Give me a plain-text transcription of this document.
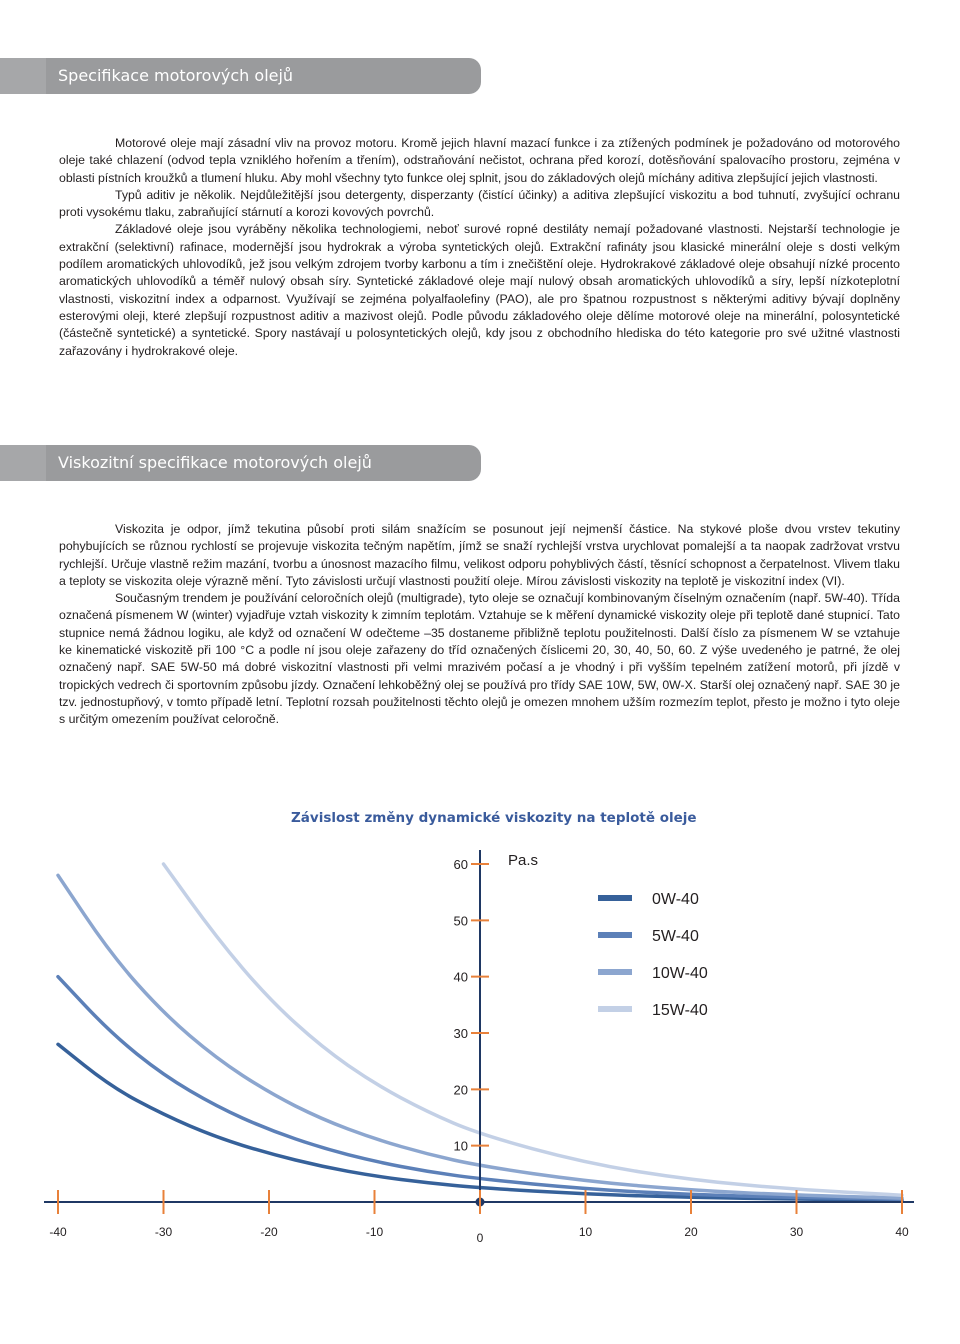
Specifikace motorových olejů

Motorové oleje mají zásadní vliv na provoz motoru. Kromě jejich hlavní mazací funkce i za ztížených podmínek je požadováno od motorového oleje také chlazení (odvod tepla vzniklého hořením a třením), odstraňování nečistot, ochrana před korozí, dotěsňování spalovacího prostoru, zejména v oblasti pístních kroužků a tlumení hluku. Aby mohl všechny tyto funkce olej splnit, jsou do základových olejů míchány aditiva zlepšující jejich vlastnosti.

Typů aditiv je několik. Nejdůležitější jsou detergenty, disperzanty (čistící účinky) a aditiva zlepšující viskozitu a bod tuhnutí, zvyšující ochranu proti vysokému tlaku, zabraňující stárnutí a korozi kovových povrchů.

Základové oleje jsou vyráběny několika technologiemi, neboť surové ropné destiláty nemají požadované vlastnosti. Nejstarší technologie je extrakční (selektivní) rafinace, modernější jsou hydrokrak a výroba syntetických olejů. Extrakční rafináty jsou klasické minerální oleje s dosti velkým podílem aromatických uhlovodíků, jež jsou velkým zdrojem tvorby karbonu a tím i znečištění oleje. Hydrokrakové základové oleje obsahují nízké procento aromatických uhlovodíků a téměř nulový obsah síry. Syntetické základové oleje mají nulový obsah aromatických uhlovodíků a síry, lepší nízkoteplotní vlastnosti, viskozitní index a odparnost. Využívají se zejména polyalfaolefiny (PAO), ale pro špatnou rozpustnost s některými aditivy bývají doplněny esterovými oleji, které zlepšují rozpustnost aditiv a mazivost olejů. Podle původu základového oleje dělíme motorové oleje na minerální, polosyntetické (částečně syntetické) a syntetické. Spory nastávají u polosyntetických olejů, kdy jsou z obchodního hlediska do této kategorie pro své užitné vlastnosti zařazovány i hydrokrakové oleje.

Viskozitní specifikace motorových olejů

Viskozita je odpor, jímž tekutina působí proti silám snažícím se posunout její nejmenší částice. Na stykové ploše dvou vrstev tekutiny pohybujících se různou rychlostí se projevuje viskozita tečným napětím, jímž se snaží rychlejší vrstva urychlovat pomalejší a ta naopak zadržovat vrstvu rychlejší. Určuje vlastně režim mazání, tvorbu a únosnost mazacího filmu, velikost odporu pohyblivých částí, těsnící schopnost a čerpatelnost. Vlivem tlaku a teploty se viskozita oleje výrazně mění. Tyto závislosti určují vlastnosti použití oleje. Mírou závislosti viskozity na teplotě je viskozitní index (VI).

Současným trendem je používání celoročních olejů (multigrade), tyto oleje se označují kombinovaným číselným označením (např. 5W-40). Třída označená písmenem W (winter) vyjadřuje vztah viskozity k zimním teplotám. Vztahuje se k měření dynamické viskozity oleje při teplotě dané stupnicí. Tato stupnice nemá žádnou logiku, ale když od označení W odečteme –35 dostaneme přibližně teplotu použitelnosti. Další číslo za písmenem W se vztahuje ke kinematické viskozitě při 100 °C a podle ní jsou oleje zařazeny do tříd označených číslicemi 20, 30, 40, 50, 60. Z výše uvedeného je patrné, že olej označený např. SAE 5W-50 má dobré viskozitní vlastnosti při velmi mrazivém počasí a je vhodný i při vyšším tepelném zatížení motorů, při jízdě v tropických vedrech či sportovním způsobu jízdy. Označení lehkoběžný olej se používá pro třídy SAE 10W, 5W, 0W-X. Starší olej označený např. SAE 30 je tzv. jednostupňový, v tomto případě letní. Teplotní rozsah použitelnosti těchto olejů je omezen mnohem užším rozmezím teplot, přesto je možno i tyto oleje s určitým omezením používat celoročně.

Závislost změny dynamické viskozity na teplotě oleje
-40	-30	-20	-10	0	10	20	30	40
10
20
30
40
50
60	Pa.s
0W-40
5W-40
10W-40
15W-40
